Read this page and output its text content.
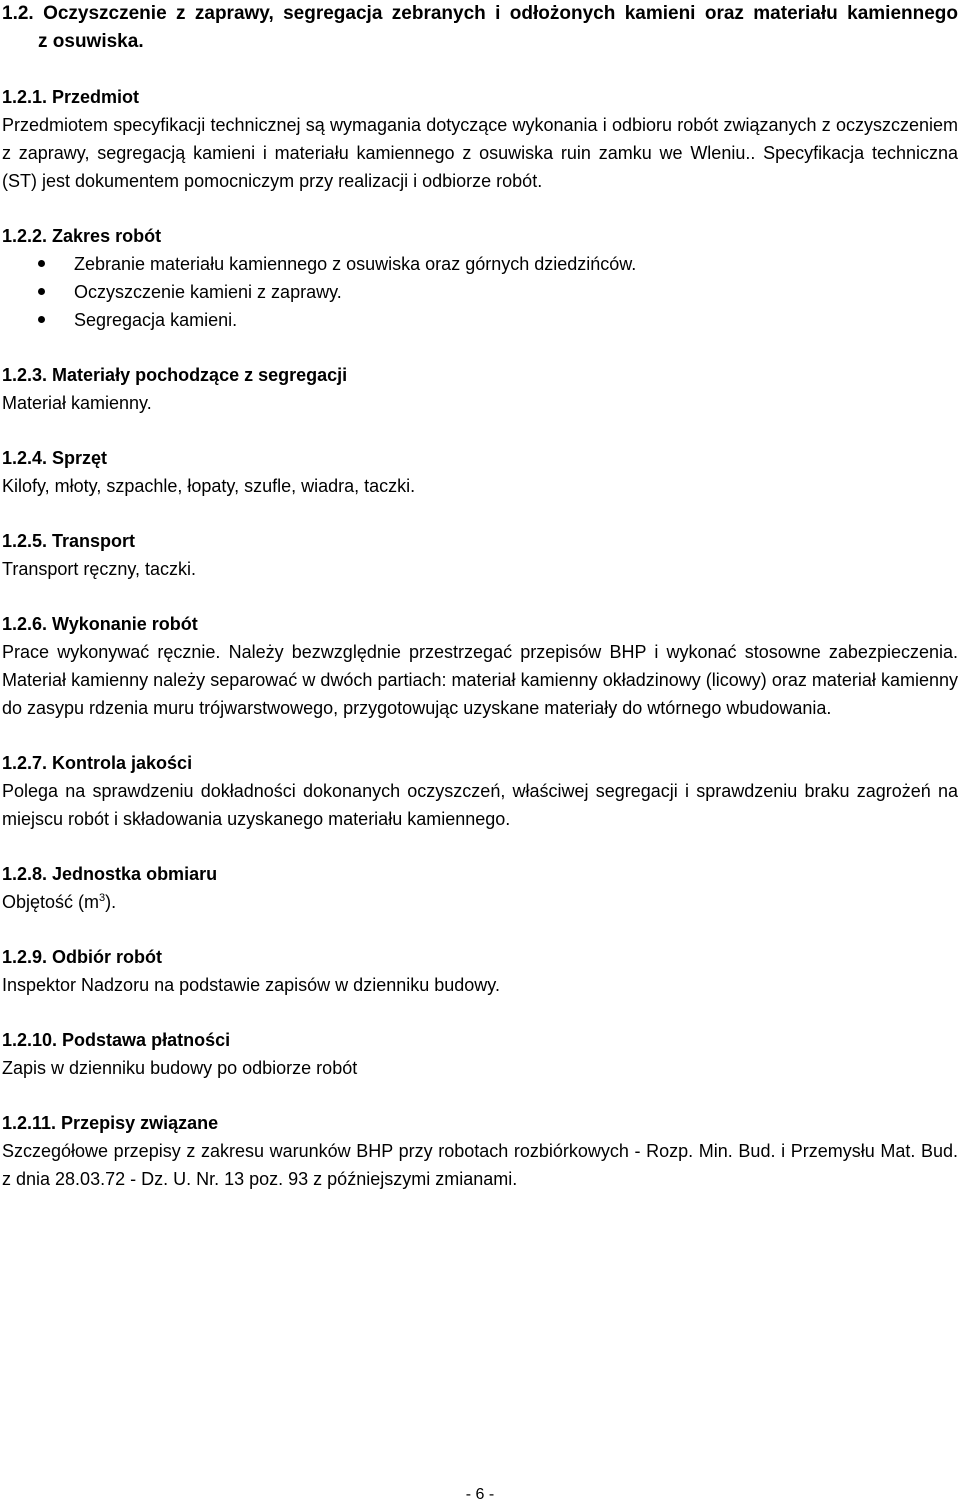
1.2. Oczyszczenie z zaprawy, segregacja zebranych i odłożonych kamieni oraz materiału kamiennego
z osuwiska.

1.2.1. Przedmiot

Przedmiotem specyfikacji technicznej są wymagania dotyczące wykonania i odbioru robót związanych z oczyszczeniem z zaprawy, segregacją kamieni i materiału kamiennego z osuwiska ruin zamku we Wleniu.. Specyfikacja techniczna (ST) jest dokumentem pomocniczym przy realizacji i odbiorze robót.

1.2.2. Zakres robót

Zebranie materiału kamiennego z osuwiska oraz górnych dziedzińców.
Oczyszczenie kamieni z zaprawy.
Segregacja kamieni.

1.2.3. Materiały pochodzące z segregacji

Materiał kamienny.

1.2.4. Sprzęt

Kilofy, młoty, szpachle, łopaty, szufle, wiadra, taczki.

1.2.5. Transport

Transport ręczny, taczki.

1.2.6. Wykonanie robót

Prace wykonywać ręcznie. Należy bezwzględnie przestrzegać przepisów BHP i wykonać stosowne zabezpieczenia. Materiał kamienny należy separować w dwóch partiach: materiał kamienny okładzinowy (licowy) oraz materiał kamienny do zasypu rdzenia muru trójwarstwowego, przygotowując uzyskane materiały do wtórnego wbudowania.

1.2.7. Kontrola jakości

Polega na sprawdzeniu dokładności dokonanych oczyszczeń, właściwej segregacji i sprawdzeniu braku zagrożeń na miejscu robót i składowania uzyskanego materiału kamiennego.

1.2.8. Jednostka obmiaru

Objętość $(m^3)$.

1.2.9. Odbiór robót

Inspektor Nadzoru na podstawie zapisów w dzienniku budowy.

1.2.10. Podstawa płatności

Zapis w dzienniku budowy po odbiorze robót

1.2.11. Przepisy związane

Szczegółowe przepisy z zakresu warunków BHP przy robotach rozbiórkowych - Rozp. Min. Bud. i Przemysłu Mat. Bud. z dnia 28.03.72 - Dz. U. Nr. 13 poz. 93 z późniejszymi zmianami.

- 6 -
